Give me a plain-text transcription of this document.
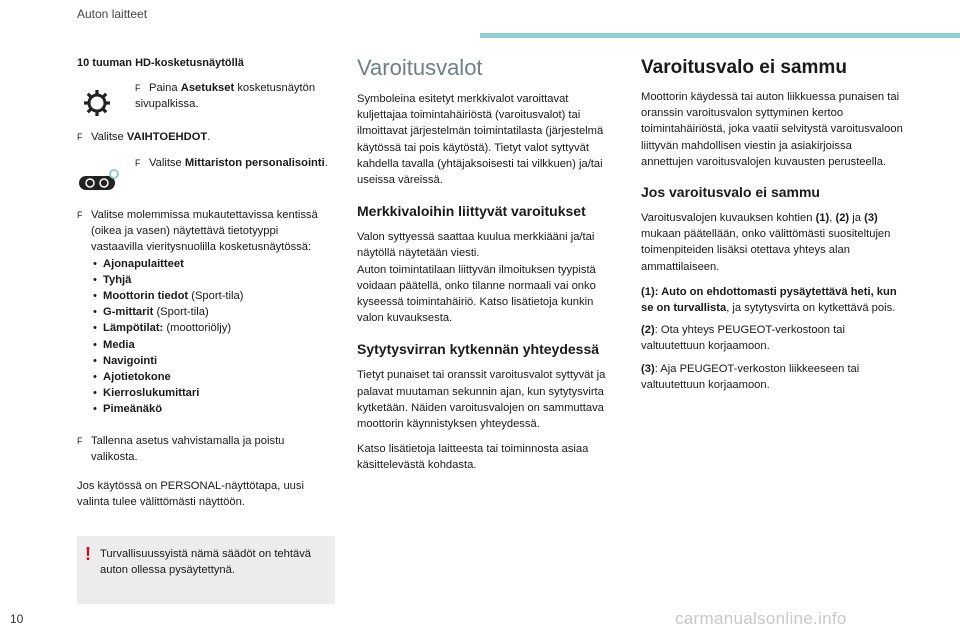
Auton laitteet
10 tuuman HD-kosketusnäytöllä
F Paina Asetukset kosketusnäytön sivupalkissa.
F Valitse VAIHTOEHDOT.
F Valitse Mittariston personalisointi.
F Valitse molemmissa mukautettavissa kentissä (oikea ja vasen) näytettävä tietotyyppi vastaavilla vieritysnuolilla kosketusnäytössä:

• Ajonapulaitteet
• Tyhjä
• Moottorin tiedot (Sport-tila)
• G-mittarit (Sport-tila)
• Lämpötilat: (moottoriöljy)
• Media
• Navigointi
• Ajotietokone
• Kierroslukumittari
• Pimeänäkö
F Tallenna asetus vahvistamalla ja poistu valikosta.

Jos käytössä on PERSONAL-näyttötapa, uusi valinta tulee välittömästi näyttöön.

! Turvallisuussyistä nämä säädöt on tehtävä auton ollessa pysäytettynä.

Varoitusvalot

Symboleina esitetyt merkkivalot varoittavat kuljettajaa toimintahäiriöstä (varoitusvalot) tai ilmoittavat järjestelmän toimintatilasta (järjestelmä käytössä tai pois käytöstä). Tietyt valot syttyvät kahdella tavalla (yhtäjaksoisesti tai vilkkuen) ja/tai useissa väreissä.

Merkkivaloihin liittyvät varoitukset

Valon syttyessä saattaa kuulua merkkiääni ja/tai näytöllä näytetään viesti.

Auton toimintatilaan liittyvän ilmoituksen tyypistä voidaan päätellä, onko tilanne normaali vai onko kyseessä toimintahäiriö. Katso lisätietoja kunkin valon kuvauksesta.

Sytytysvirran kytkennän yhteydessä

Tietyt punaiset tai oranssit varoitusvalot syttyvät ja palavat muutaman sekunnin ajan, kun sytytysvirta kytketään. Näiden varoitusvalojen on sammuttava moottorin käynnistyksen yhteydessä.

Katso lisätietoja laitteesta tai toiminnosta asiaa käsittelevästä kohdasta.

Varoitusvalo ei sammu

Moottorin käydessä tai auton liikkuessa punaisen tai oranssin varoitusvalon syttyminen kertoo toimintahäiriöstä, joka vaatii selvitystä varoitusvaloon liittyvän mahdollisen viestin ja asiakirjoissa annettujen varoitusvalojen kuvausten perusteella.

Jos varoitusvalo ei sammu

Varoitusvalojen kuvauksen kohtien (1), (2) ja (3) mukaan päätellään, onko välittömästi suositeltujen toimenpiteiden lisäksi otettava yhteys alan ammattilaiseen.

(1): Auto on ehdottomasti pysäytettävä heti, kun se on turvallista, ja sytytysvirta on kytkettävä pois.

(2): Ota yhteys PEUGEOT-verkostoon tai valtuutettuun korjaamoon.

(3): Aja PEUGEOT-verkoston liikkeeseen tai valtuutettuun korjaamoon.

10	carmanualsonline.info
